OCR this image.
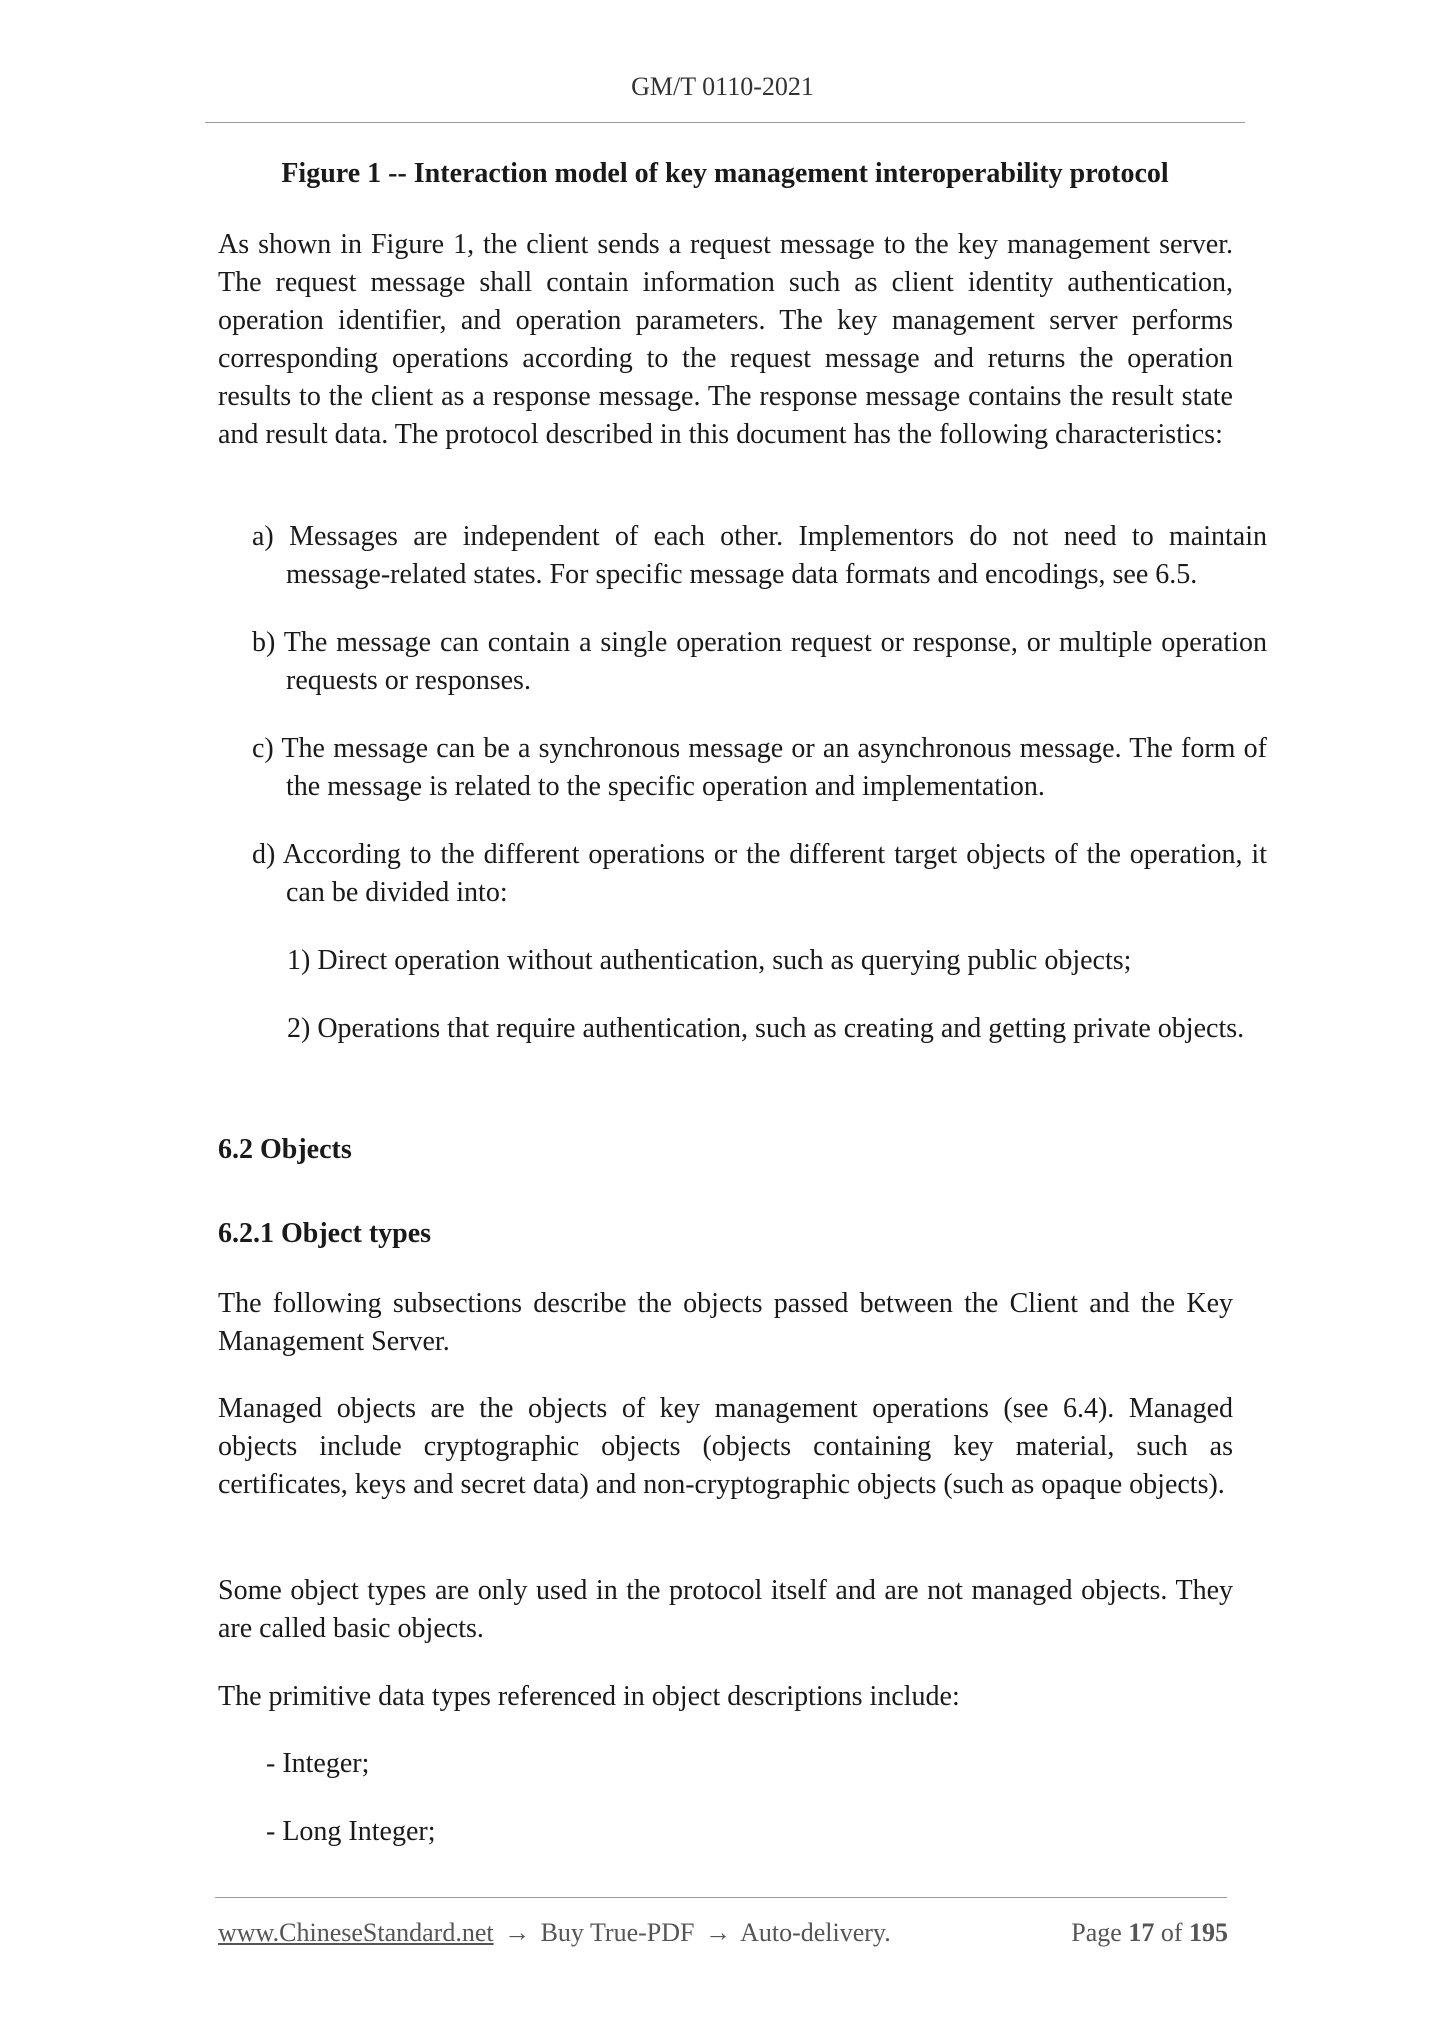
GM/T 0110-2021
Figure 1 -- Interaction model of key management interoperability protocol

As shown in Figure 1, the client sends a request message to the key management server. The request message shall contain information such as client identity authentication, operation identifier, and operation parameters. The key management server performs corresponding operations according to the request message and returns the operation results to the client as a response message. The response message contains the result state and result data. The protocol described in this document has the following characteristics:

a) Messages are independent of each other. Implementors do not need to maintain message-related states. For specific message data formats and encodings, see 6.5.

b) The message can contain a single operation request or response, or multiple operation requests or responses.

c) The message can be a synchronous message or an asynchronous message. The form of the message is related to the specific operation and implementation.

d) According to the different operations or the different target objects of the operation, it can be divided into:

1) Direct operation without authentication, such as querying public objects;

2) Operations that require authentication, such as creating and getting private objects.

6.2 Objects
6.2.1 Object types

The following subsections describe the objects passed between the Client and the Key Management Server.

Managed objects are the objects of key management operations (see 6.4). Managed objects include cryptographic objects (objects containing key material, such as certificates, keys and secret data) and non-cryptographic objects (such as opaque objects).

Some object types are only used in the protocol itself and are not managed objects. They are called basic objects.

The primitive data types referenced in object descriptions include:

- Integer;

- Long Integer;

www.ChineseStandard.net → Buy True-PDF → Auto-delivery.	Page 17 of 195
